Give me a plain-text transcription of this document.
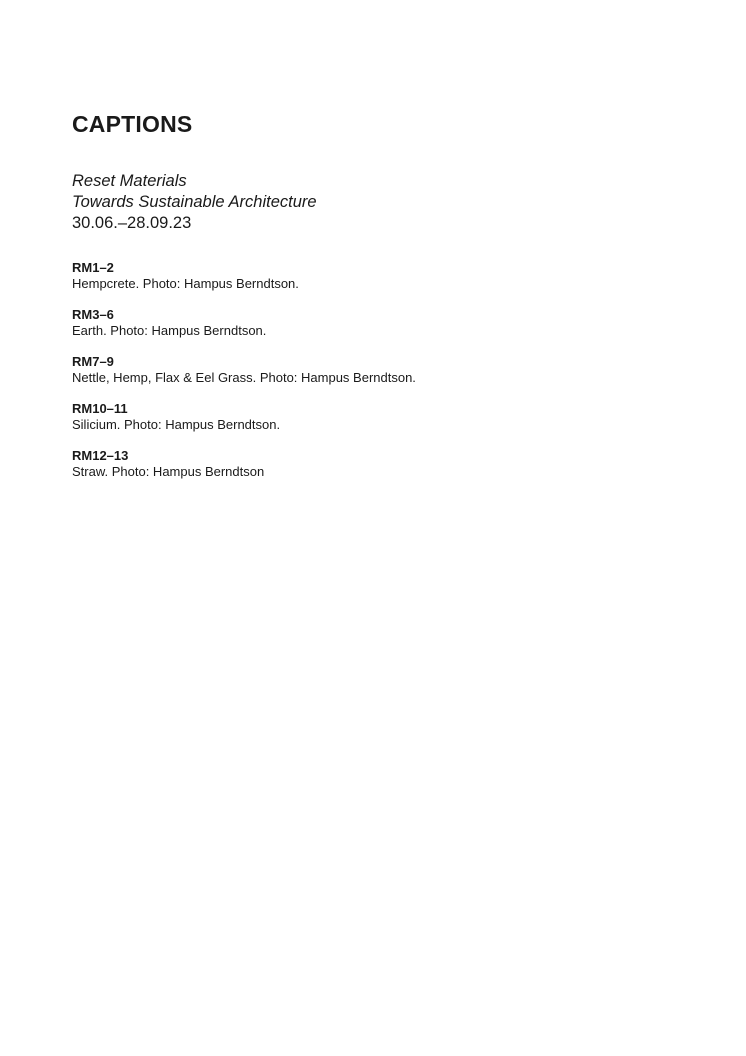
CAPTIONS

Reset Materials

Towards Sustainable Architecture

30.06.–28.09.23

RM1–2

Hempcrete. Photo: Hampus Berndtson.

RM3–6

Earth. Photo: Hampus Berndtson.

RM7–9

Nettle, Hemp, Flax & Eel Grass. Photo: Hampus Berndtson.

RM10–11

Silicium. Photo: Hampus Berndtson.

RM12–13

Straw. Photo: Hampus Berndtson
